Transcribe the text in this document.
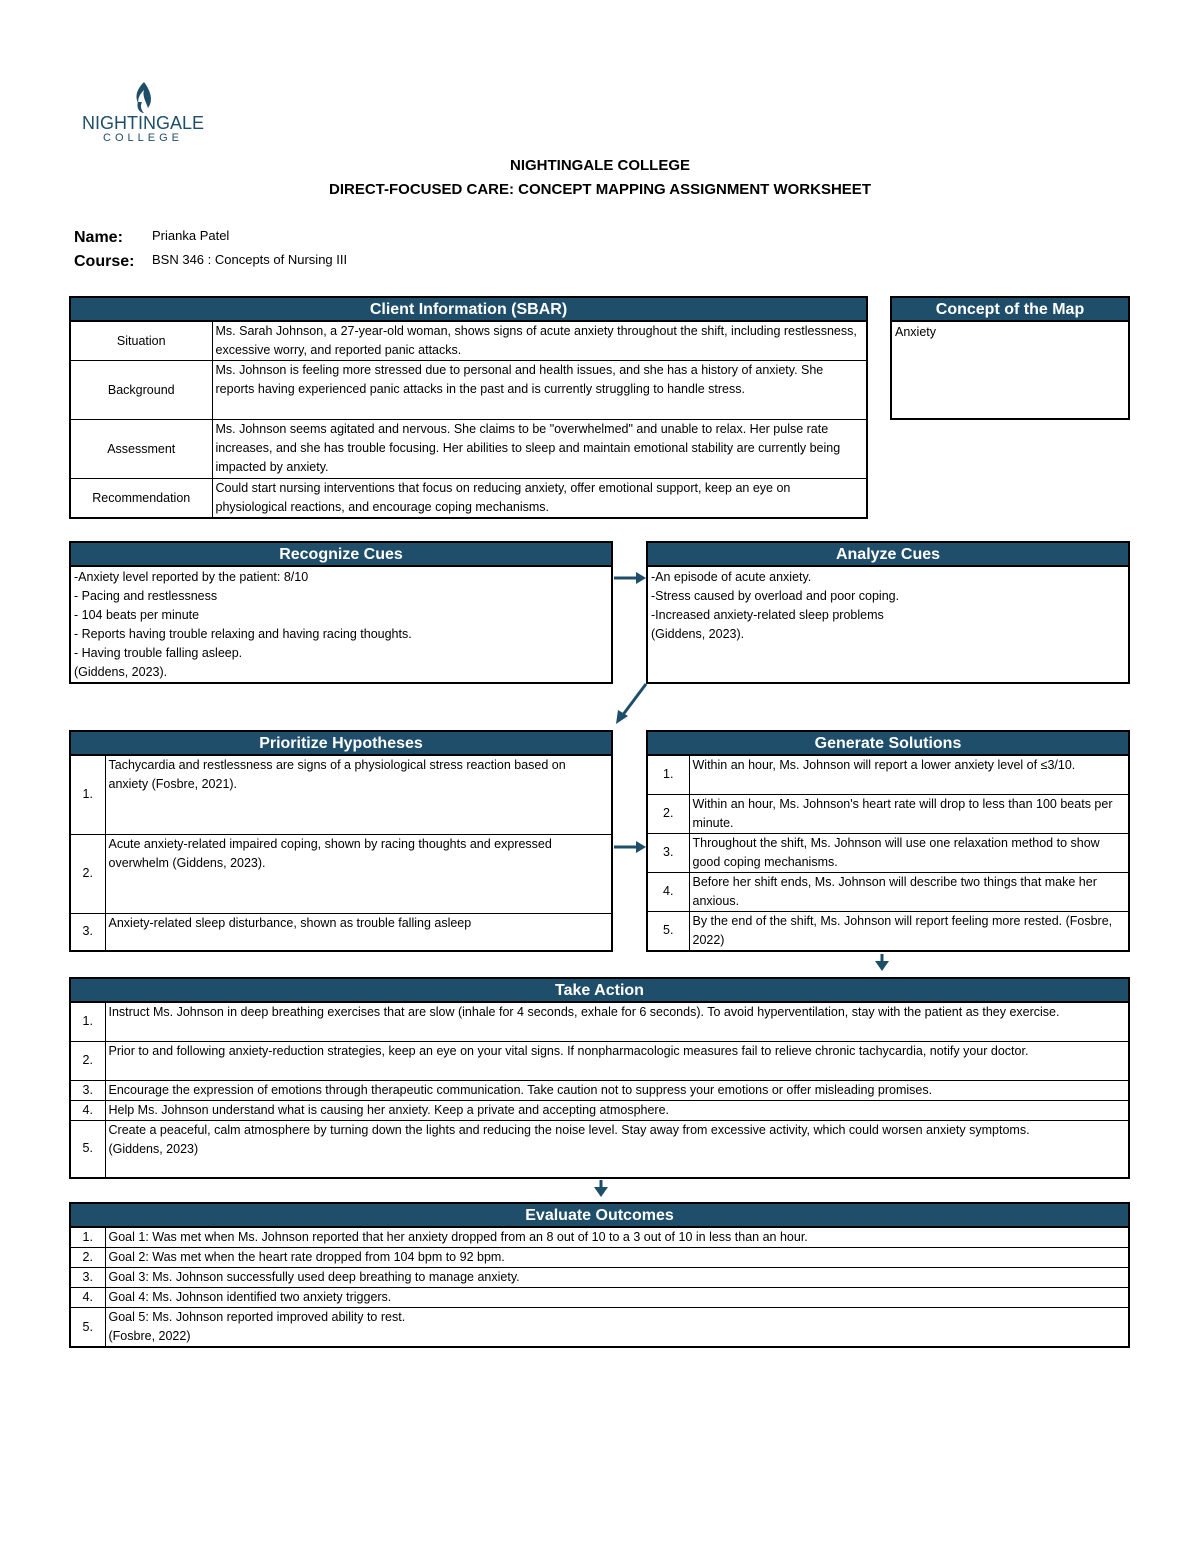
NIGHTINGALE
COLLEGE
NIGHTINGALE COLLEGE
DIRECT-FOCUSED CARE: CONCEPT MAPPING ASSIGNMENT WORKSHEET
Name: Prianka Patel
Course: BSN 346 : Concepts of Nursing III
Client Information (SBAR)
Situation	Ms. Sarah Johnson, a 27-year-old woman, shows signs of acute anxiety throughout the shift, including restlessness, excessive worry, and reported panic attacks.
Background	Ms. Johnson is feeling more stressed due to personal and health issues, and she has a history of anxiety. She reports having experienced panic attacks in the past and is currently struggling to handle stress.
Assessment	Ms. Johnson seems agitated and nervous. She claims to be "overwhelmed" and unable to relax. Her pulse rate increases, and she has trouble focusing. Her abilities to sleep and maintain emotional stability are currently being impacted by anxiety.
Recommendation	Could start nursing interventions that focus on reducing anxiety, offer emotional support, keep an eye on physiological reactions, and encourage coping mechanisms.
Concept of the Map
Anxiety
Recognize Cues
-Anxiety level reported by the patient: 8/10
- Pacing and restlessness
- 104 beats per minute
- Reports having trouble relaxing and having racing thoughts.
- Having trouble falling asleep.
(Giddens, 2023).
Analyze Cues
-An episode of acute anxiety.
-Stress caused by overload and poor coping.
-Increased anxiety-related sleep problems
(Giddens, 2023).
Prioritize Hypotheses
1.	Tachycardia and restlessness are signs of a physiological stress reaction based on anxiety (Fosbre, 2021).
2.	Acute anxiety-related impaired coping, shown by racing thoughts and expressed overwhelm (Giddens, 2023).
3.	Anxiety-related sleep disturbance, shown as trouble falling asleep
Generate Solutions
1.	Within an hour, Ms. Johnson will report a lower anxiety level of ≤3/10.
2.	Within an hour, Ms. Johnson's heart rate will drop to less than 100 beats per minute.
3.	Throughout the shift, Ms. Johnson will use one relaxation method to show good coping mechanisms.
4.	Before her shift ends, Ms. Johnson will describe two things that make her anxious.
5.	By the end of the shift, Ms. Johnson will report feeling more rested. (Fosbre, 2022)
Take Action
1.	Instruct Ms. Johnson in deep breathing exercises that are slow (inhale for 4 seconds, exhale for 6 seconds). To avoid hyperventilation, stay with the patient as they exercise.
2.	Prior to and following anxiety-reduction strategies, keep an eye on your vital signs. If nonpharmacologic measures fail to relieve chronic tachycardia, notify your doctor.
3.	Encourage the expression of emotions through therapeutic communication. Take caution not to suppress your emotions or offer misleading promises.
4.	Help Ms. Johnson understand what is causing her anxiety. Keep a private and accepting atmosphere.
5.	Create a peaceful, calm atmosphere by turning down the lights and reducing the noise level. Stay away from excessive activity, which could worsen anxiety symptoms.
(Giddens, 2023)
Evaluate Outcomes
1.	Goal 1: Was met when Ms. Johnson reported that her anxiety dropped from an 8 out of 10 to a 3 out of 10 in less than an hour.
2.	Goal 2: Was met when the heart rate dropped from 104 bpm to 92 bpm.
3.	Goal 3: Ms. Johnson successfully used deep breathing to manage anxiety.
4.	Goal 4: Ms. Johnson identified two anxiety triggers.
5.	Goal 5: Ms. Johnson reported improved ability to rest.
(Fosbre, 2022)
